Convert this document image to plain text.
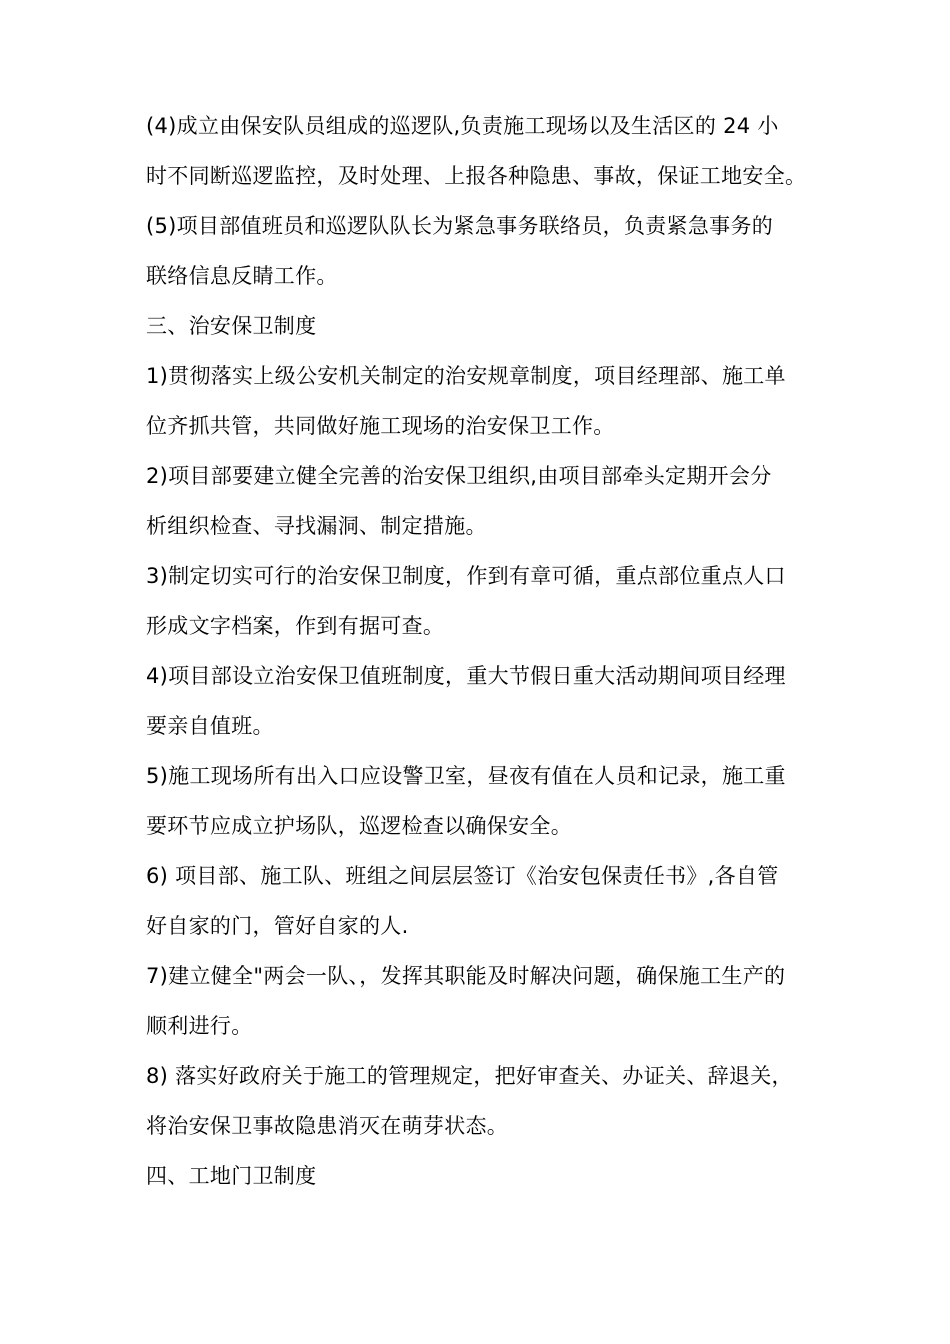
(4)成立由保安队员组成的巡逻队,负责施工现场以及生活区的 24 小
时不同断巡逻监控，及时处理、上报各种隐患、事故，保证工地安全。
(5)项目部值班员和巡逻队队长为紧急事务联络员，负责紧急事务的
联络信息反睛工作。
三、治安保卫制度
1)贯彻落实上级公安机关制定的治安规章制度，项目经理部、施工单
位齐抓共管，共同做好施工现场的治安保卫工作。
2)项目部要建立健全完善的治安保卫组织,由项目部牵头定期开会分
析组织检查、寻找漏洞、制定措施。
3)制定切实可行的治安保卫制度，作到有章可循，重点部位重点人口
形成文字档案，作到有据可查。
4)项目部设立治安保卫值班制度，重大节假日重大活动期间项目经理
要亲自值班。
5)施工现场所有出入口应设警卫室，昼夜有值在人员和记录，施工重
要环节应成立护场队，巡逻检查以确保安全。
6) 项目部、施工队、班组之间层层签订《治安包保责任书》,各自管
好自家的门，管好自家的人.
7)建立健全"两会一队、，发挥其职能及时解决问题，确保施工生产的
顺利进行。
8) 落实好政府关于施工的管理规定，把好审查关、办证关、辞退关，
将治安保卫事故隐患消灭在萌芽状态。
四、工地门卫制度
